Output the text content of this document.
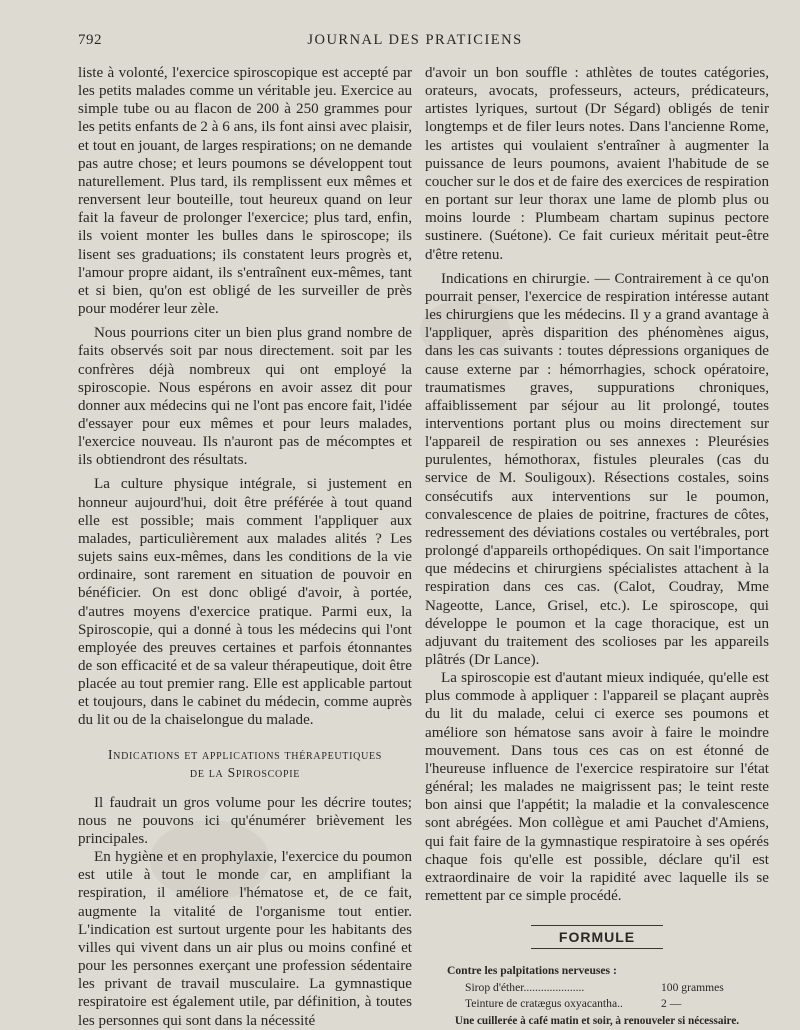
792	JOURNAL DES PRATICIENS

liste à volonté, l'exercice spiroscopique est accepté par les petits malades comme un véritable jeu. Exercice au simple tube ou au flacon de 200 à 250 grammes pour les petits enfants de 2 à 6 ans, ils font ainsi avec plaisir, et tout en jouant, de larges respirations; on ne demande pas autre chose; et leurs poumons se développent tout naturellement. Plus tard, ils remplissent eux mêmes et renversent leur bouteille, tout heureux quand on leur fait la faveur de prolonger l'exercice; plus tard, enfin, ils voient monter les bulles dans le spiroscope; ils lisent ses graduations; ils constatent leurs progrès et, l'amour propre aidant, ils s'entraînent eux-mêmes, tant et si bien, qu'on est obligé de les surveiller de près pour modérer leur zèle.

Nous pourrions citer un bien plus grand nombre de faits observés soit par nous directement. soit par les confrères déjà nombreux qui ont employé la spiroscopie. Nous espérons en avoir assez dit pour donner aux médecins qui ne l'ont pas encore fait, l'idée d'essayer pour eux mêmes et pour leurs malades, l'exercice nouveau. Ils n'auront pas de mécomptes et ils obtiendront des résultats.

La culture physique intégrale, si justement en honneur aujourd'hui, doit être préférée à tout quand elle est possible; mais comment l'appliquer aux malades, particulièrement aux malades alités ? Les sujets sains eux-mêmes, dans les conditions de la vie ordinaire, sont rarement en situation de pouvoir en bénéficier. On est donc obligé d'avoir, à portée, d'autres moyens d'exercice pratique. Parmi eux, la Spiroscopie, qui a donné à tous les médecins qui l'ont employée des preuves certaines et parfois étonnantes de son efficacité et de sa valeur thérapeutique, doit être placée au tout premier rang. Elle est applicable partout et toujours, dans le cabinet du médecin, comme auprès du lit ou de la chaiselongue du malade.

Indications et applications thérapeutiques
de la Spiroscopie

Il faudrait un gros volume pour les décrire toutes; nous ne pouvons ici qu'énumérer brièvement les principales.

En hygiène et en prophylaxie, l'exercice du poumon est utile à tout le monde car, en amplifiant la respiration, il améliore l'hématose et, de ce fait, augmente la vitalité de l'organisme tout entier. L'indication est surtout urgente pour les habitants des villes qui vivent dans un air plus ou moins confiné et pour les personnes exerçant une profession sédentaire les privant de travail musculaire. La gymnastique respiratoire est également utile, par définition, à toutes les personnes qui sont dans la nécessité

d'avoir un bon souffle : athlètes de toutes catégories, orateurs, avocats, professeurs, acteurs, prédicateurs, artistes lyriques, surtout (Dr Ségard) obligés de tenir longtemps et de filer leurs notes. Dans l'ancienne Rome, les artistes qui voulaient s'entraîner à augmenter la puissance de leurs poumons, avaient l'habitude de se coucher sur le dos et de faire des exercices de respiration en portant sur leur thorax une lame de plomb plus ou moins lourde : Plumbeam chartam supinus pectore sustinere. (Suétone). Ce fait curieux méritait peut-être d'être retenu.

Indications en chirurgie. — Contrairement à ce qu'on pourrait penser, l'exercice de respiration intéresse autant les chirurgiens que les médecins. Il y a grand avantage à l'appliquer, après disparition des phénomènes aigus, dans les cas suivants : toutes dépressions organiques de cause externe par : hémorrhagies, schock opératoire, traumatismes graves, suppurations chroniques, affaiblissement par séjour au lit prolongé, toutes interventions portant plus ou moins directement sur l'appareil de respiration ou ses annexes : Pleurésies purulentes, hémothorax, fistules pleurales (cas du service de M. Souligoux). Résections costales, soins consécutifs aux interventions sur le poumon, convalescence de plaies de poitrine, fractures de côtes, redressement des déviations costales ou vertébrales, port prolongé d'appareils orthopédiques. On sait l'importance que médecins et chirurgiens spécialistes attachent à la respiration dans ces cas. (Calot, Coudray, Mme Nageotte, Lance, Grisel, etc.). Le spiroscope, qui développe le poumon et la cage thoracique, est un adjuvant du traitement des scolioses par les appareils plâtrés (Dr Lance).

La spiroscopie est d'autant mieux indiquée, qu'elle est plus commode à appliquer : l'appareil se plaçant auprès du lit du malade, celui ci exerce ses poumons et améliore son hématose sans avoir à faire le moindre mouvement. Dans tous ces cas on est étonné de l'heureuse influence de l'exercice respiratoire sur l'état général; les malades ne maigrissent pas; le teint reste bon ainsi que l'appétit; la maladie et la convalescence sont abrégées. Mon collègue et ami Pauchet d'Amiens, qui fait faire de la gymnastique respiratoire à ses opérés chaque fois qu'elle est possible, déclare qu'il est extraordinaire de voir la rapidité avec laquelle ils se remettent par ce simple procédé.

FORMULE
Contre les palpitations nerveuses :
Sirop d'éther.....................	100 grammes
Teinture de cratægus oxyacantha..	2 —
Une cuillerée à café matin et soir, à renouveler si nécessaire.
